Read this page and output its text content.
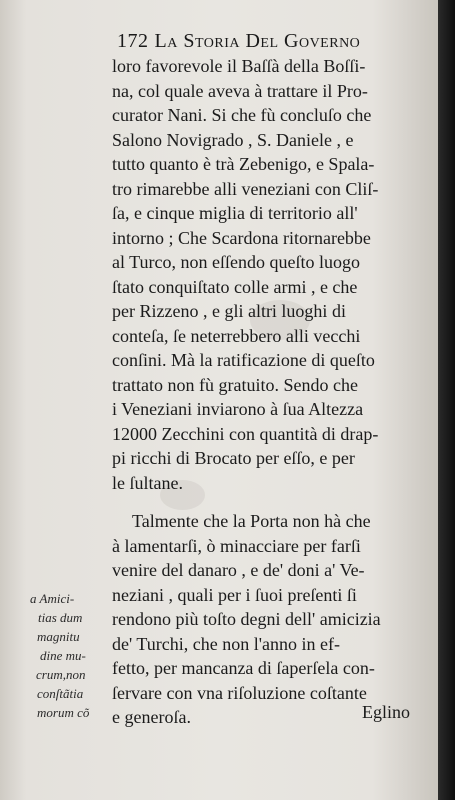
172 La Storia Del Governo
loro favorevole il Baſſà della Boſſi-
na, col quale aveva à trattare il Pro-
curator Nani. Si che fù concluſo che
Salono Novigrado , S. Daniele , e
tutto quanto è trà Zebenigo, e Spala-
tro rimarebbe alli veneziani con Cliſ-
ſa, e cinque miglia di territorio all'
intorno ; Che Scardona ritornarebbe
al Turco, non eſſendo queſto luogo
ſtato conquiſtato colle armi , e che
per Rizzeno , e gli altri luoghi di
conteſa, ſe neterrebbero alli vecchi
conſini. Mà la ratificazione di queſto
trattato non fù gratuito. Sendo che
i Veneziani inviarono à ſua Altezza
12000 Zecchini con quantità di drap-
pi ricchi di Brocato per eſſo, e per
le ſultane.
Talmente che la Porta non hà che
à lamentarſi, ò minacciare per farſi
venire del danaro , e de' doni a' Ve-
neziani , quali per i ſuoi preſenti ſi
rendono più toſto degni dell' amicizia
de' Turchi, che non l'anno in ef-
fetto, per mancanza di ſaperſela con-
ſervare con vna riſoluzione coſtante
e generoſa.	Eglino
a Amici-
tias dum
magnitu
dine mu-
crum,non
conſtãtia
morum cõ
